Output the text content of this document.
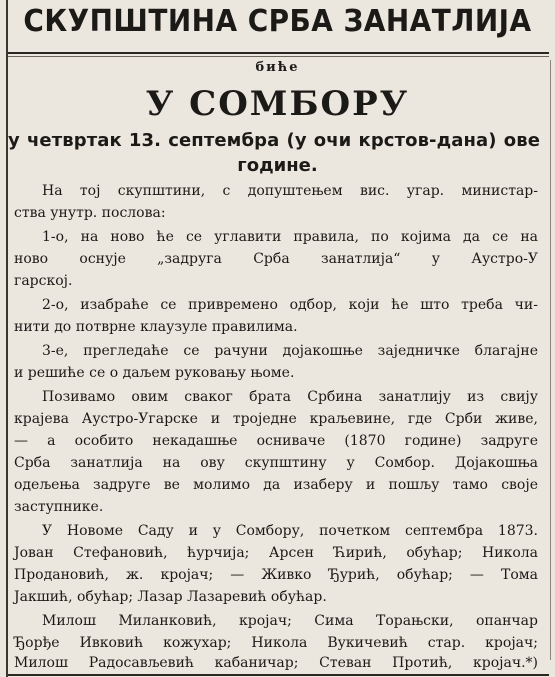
СКУПШТИНА СРБА ЗАНАТЛИЈА
биће
У СОМБОРУ
у четвртак 13. септембра (у очи крстов-дана) ове
године.
На тој скупштини, с допуштењем вис. угар. министар-
ства унутр. послова:
1-о, на ново ће се углавити правила, по којима да се на
ново оснује „задруга Срба занатлија“ у Аустро-У
гарској.
2-о, изабраће се привремено одбор, који ће што треба чи-
нити до потврне клаузуле правилима.
3-е, прегледаће се рачуни дојакошње заједничке благајне
и решиће се о даљем руковању њоме.
Позивамо овим сваког брата Србина занатлију из свију
крајева Аустро-Угарске и троједне краљевине, где Срби живе,
— а особито некадашње осниваче (1870 године) задруге
Срба занатлија на ову скупштину у Сомбор. Дојакошња
одељења задруге ве молимо да изаберу и пошљу тамо своје
заступнике.
У Новоме Саду и у Сомбору, почетком септембра 1873.
Јован Стефановић, ћурчија; Арсен Ћирић, обућар; Никола
Продановић, ж. кројач; — Живко Ђурић, обућар; — Тома
Јакшић, обућар; Лазар Лазаревић обућар.
Милош Миланковић, кројач; Сима Торањски, опанчар
Ђорђе Ивковић кожухар; Никола Вукичевић стар. кројач;
Милош Радосављевић кабаничар; Стеван Протић, кројач.*)
